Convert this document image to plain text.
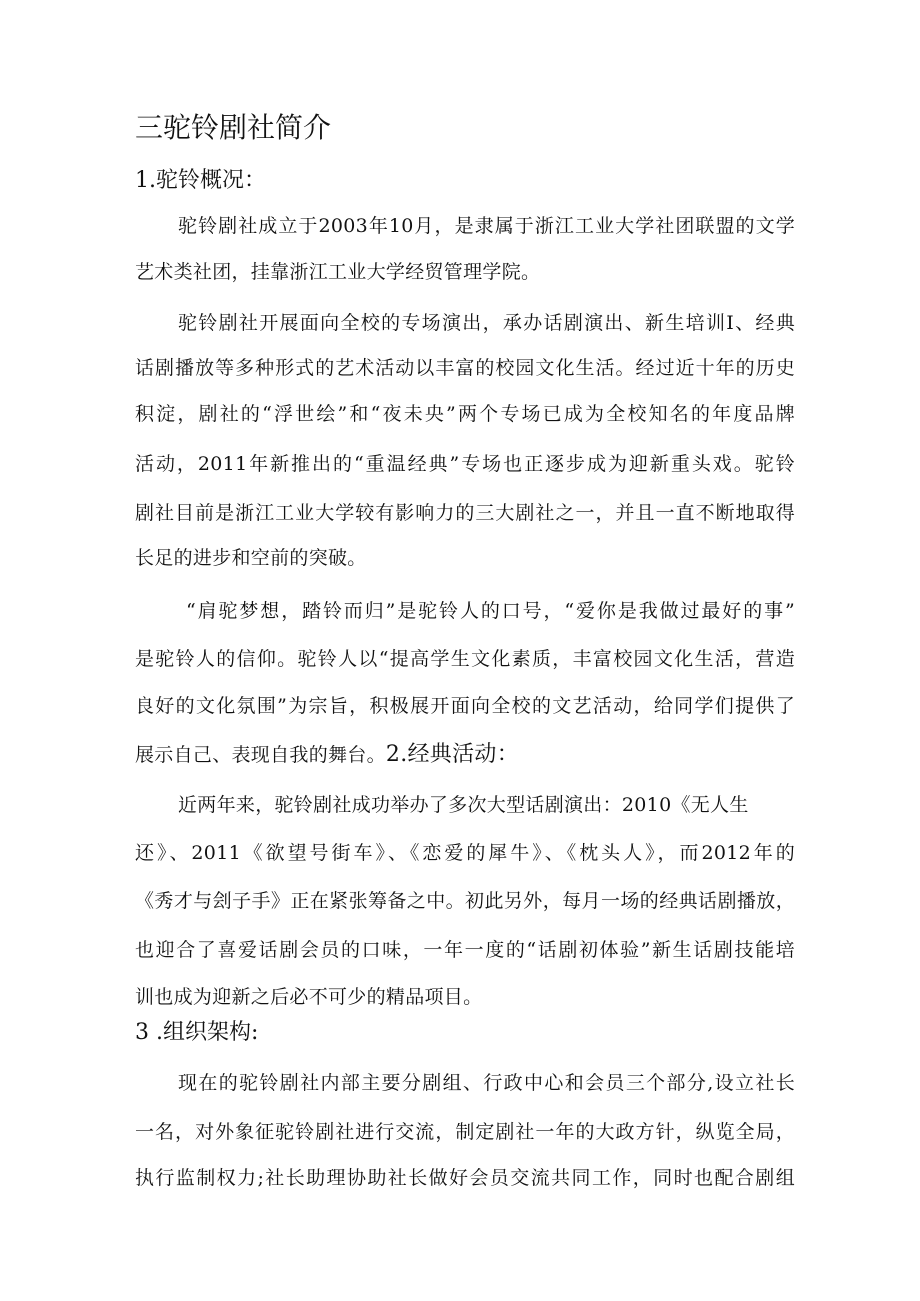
三驼铃剧社简介
1.驼铃概况：
驼铃剧社成立于2003年10月，是隶属于浙江工业大学社团联盟的文学
艺术类社团，挂靠浙江工业大学经贸管理学院。
驼铃剧社开展面向全校的专场演出，承办话剧演出、新生培训I、经典
话剧播放等多种形式的艺术活动以丰富的校园文化生活。经过近十年的历史
积淀，剧社的“浮世绘”和“夜未央”两个专场已成为全校知名的年度品牌
活动，2011年新推出的“重温经典”专场也正逐步成为迎新重头戏。驼铃
剧社目前是浙江工业大学较有影响力的三大剧社之一，并且一直不断地取得
长足的进步和空前的突破。
“肩驼梦想，踏铃而归”是驼铃人的口号，“爱你是我做过最好的事”
是驼铃人的信仰。驼铃人以“提高学生文化素质，丰富校园文化生活，营造
良好的文化氛围”为宗旨，积极展开面向全校的文艺活动，给同学们提供了
展示自己、表现自我的舞台。2.经典活动：
近两年来，驼铃剧社成功举办了多次大型话剧演出：2010《无人生
还》、2011《欲望号街车》、《恋爱的犀牛》、《枕头人》，而2012年的
《秀才与刽子手》正在紧张筹备之中。初此另外，每月一场的经典话剧播放，
也迎合了喜爱话剧会员的口味，一年一度的“话剧初体验”新生话剧技能培
训也成为迎新之后必不可少的精品项目。
3 .组织架构:
现在的驼铃剧社内部主要分剧组、行政中心和会员三个部分,设立社长
一名，对外象征驼铃剧社进行交流，制定剧社一年的大政方针，纵览全局，
执行监制权力;社长助理协助社长做好会员交流共同工作，同时也配合剧组
